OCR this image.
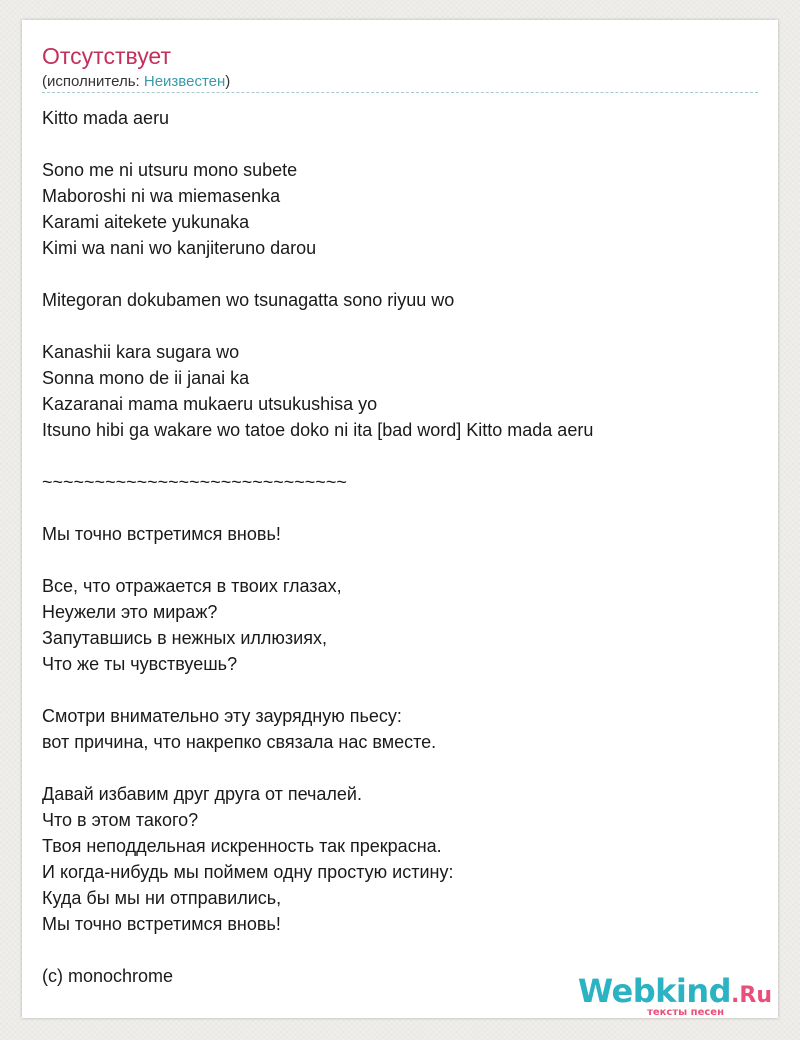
Отсутствует
(исполнитель: Неизвестен)
Kitto mada aeru
Sono me ni utsuru mono subete
Maboroshi ni wa miemasenka
Karami aitekete yukunaka
Kimi wa nani wo kanjiteruno darou
Mitegoran dokubamen wo tsunagatta sono riyuu wo
Kanashii kara sugara wo
Sonna mono de ii janai ka
Kazaranai mama mukaeru utsukushisa yo
Itsuno hibi ga wakare wo tatoe doko ni ita [bad word] Kitto mada aeru
~~~~~~~~~~~~~~~~~~~~~~~~~~~~~
Мы точно встретимся вновь!
Все, что отражается в твоих глазах,
Неужели это мираж?
Запутавшись в нежных иллюзиях,
Что же ты чувствуешь?
Смотри внимательно эту заурядную пьесу:
вот причина, что накрепко связала нас вместе.
Давай избавим друг друга от печалей.
Что в этом такого?
Твоя неподдельная искренность так прекрасна.
И когда-нибудь мы поймем одну простую истину:
Куда бы мы ни отправились,
Мы точно встретимся вновь!
(c) monochrome	Webkind.Ru
тексты песен
